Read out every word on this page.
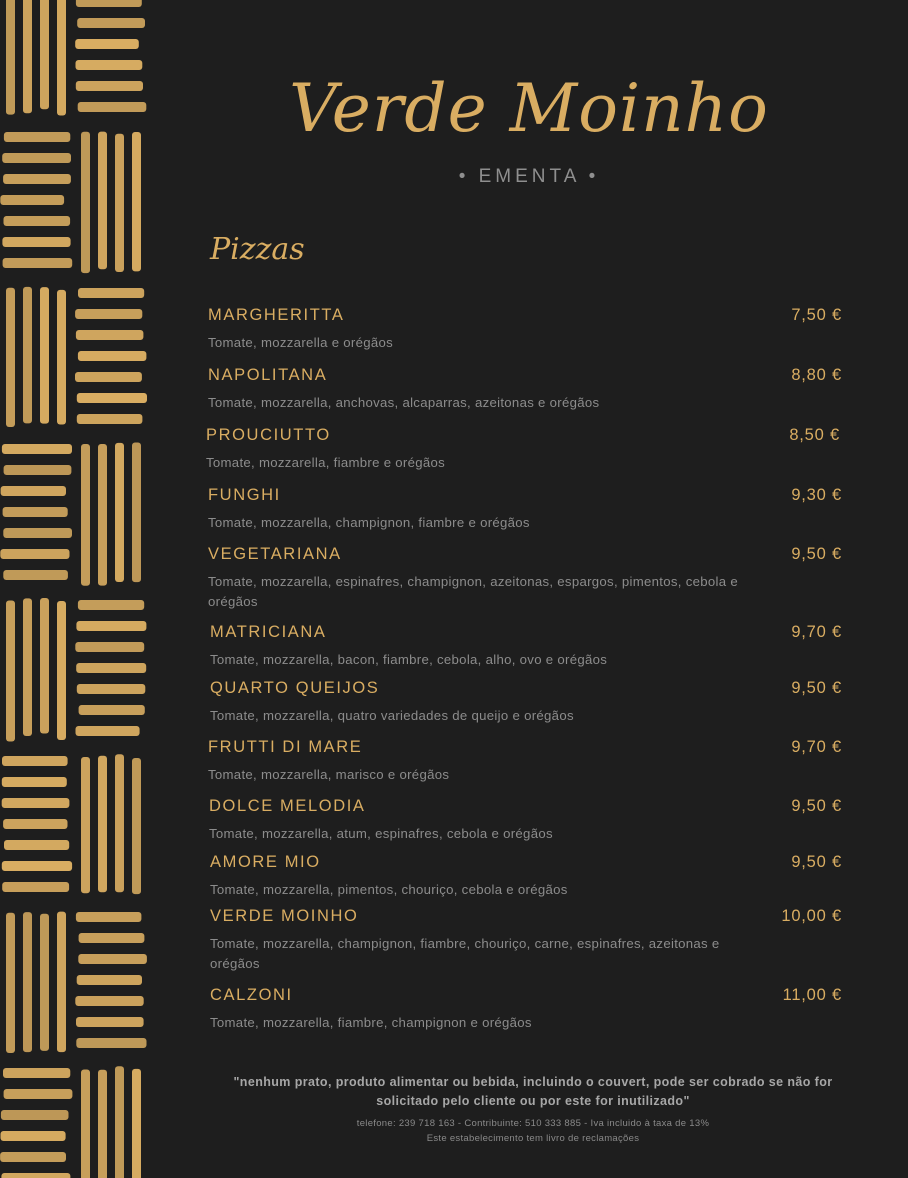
Verde Moinho
• EMENTA •
Pizzas
MARGHERITTA	7,50 €
Tomate, mozzarella e orégãos
NAPOLITANA	8,80 €
Tomate, mozzarella, anchovas, alcaparras, azeitonas e orégãos
PROUCIUTTO	8,50 €
Tomate, mozzarella, fiambre e orégãos
FUNGHI	9,30 €
Tomate, mozzarella, champignon, fiambre e orégãos
VEGETARIANA	9,50 €
Tomate, mozzarella, espinafres, champignon, azeitonas, espargos, pimentos, cebola e orégãos
MATRICIANA	9,70 €
Tomate, mozzarella, bacon, fiambre, cebola, alho, ovo e orégãos
QUARTO QUEIJOS	9,50 €
Tomate, mozzarella, quatro variedades de queijo e orégãos
FRUTTI DI MARE	9,70 €
Tomate, mozzarella, marisco e orégãos
DOLCE MELODIA	9,50 €
Tomate, mozzarella, atum, espinafres, cebola e orégãos
AMORE MIO	9,50 €
Tomate, mozzarella, pimentos, chouriço, cebola e orégãos
VERDE MOINHO	10,00 €
Tomate, mozzarella, champignon, fiambre, chouriço, carne, espinafres, azeitonas e orégãos
CALZONI	11,00 €
Tomate, mozzarella, fiambre, champignon e orégãos
"nenhum prato, produto alimentar ou bebida, incluindo o couvert, pode ser cobrado se não for solicitado pelo cliente ou por este for inutilizado"
telefone: 239 718 163 - Contribuinte: 510 333 885 - Iva incluido à taxa de 13%
Este estabelecimento tem livro de reclamações
